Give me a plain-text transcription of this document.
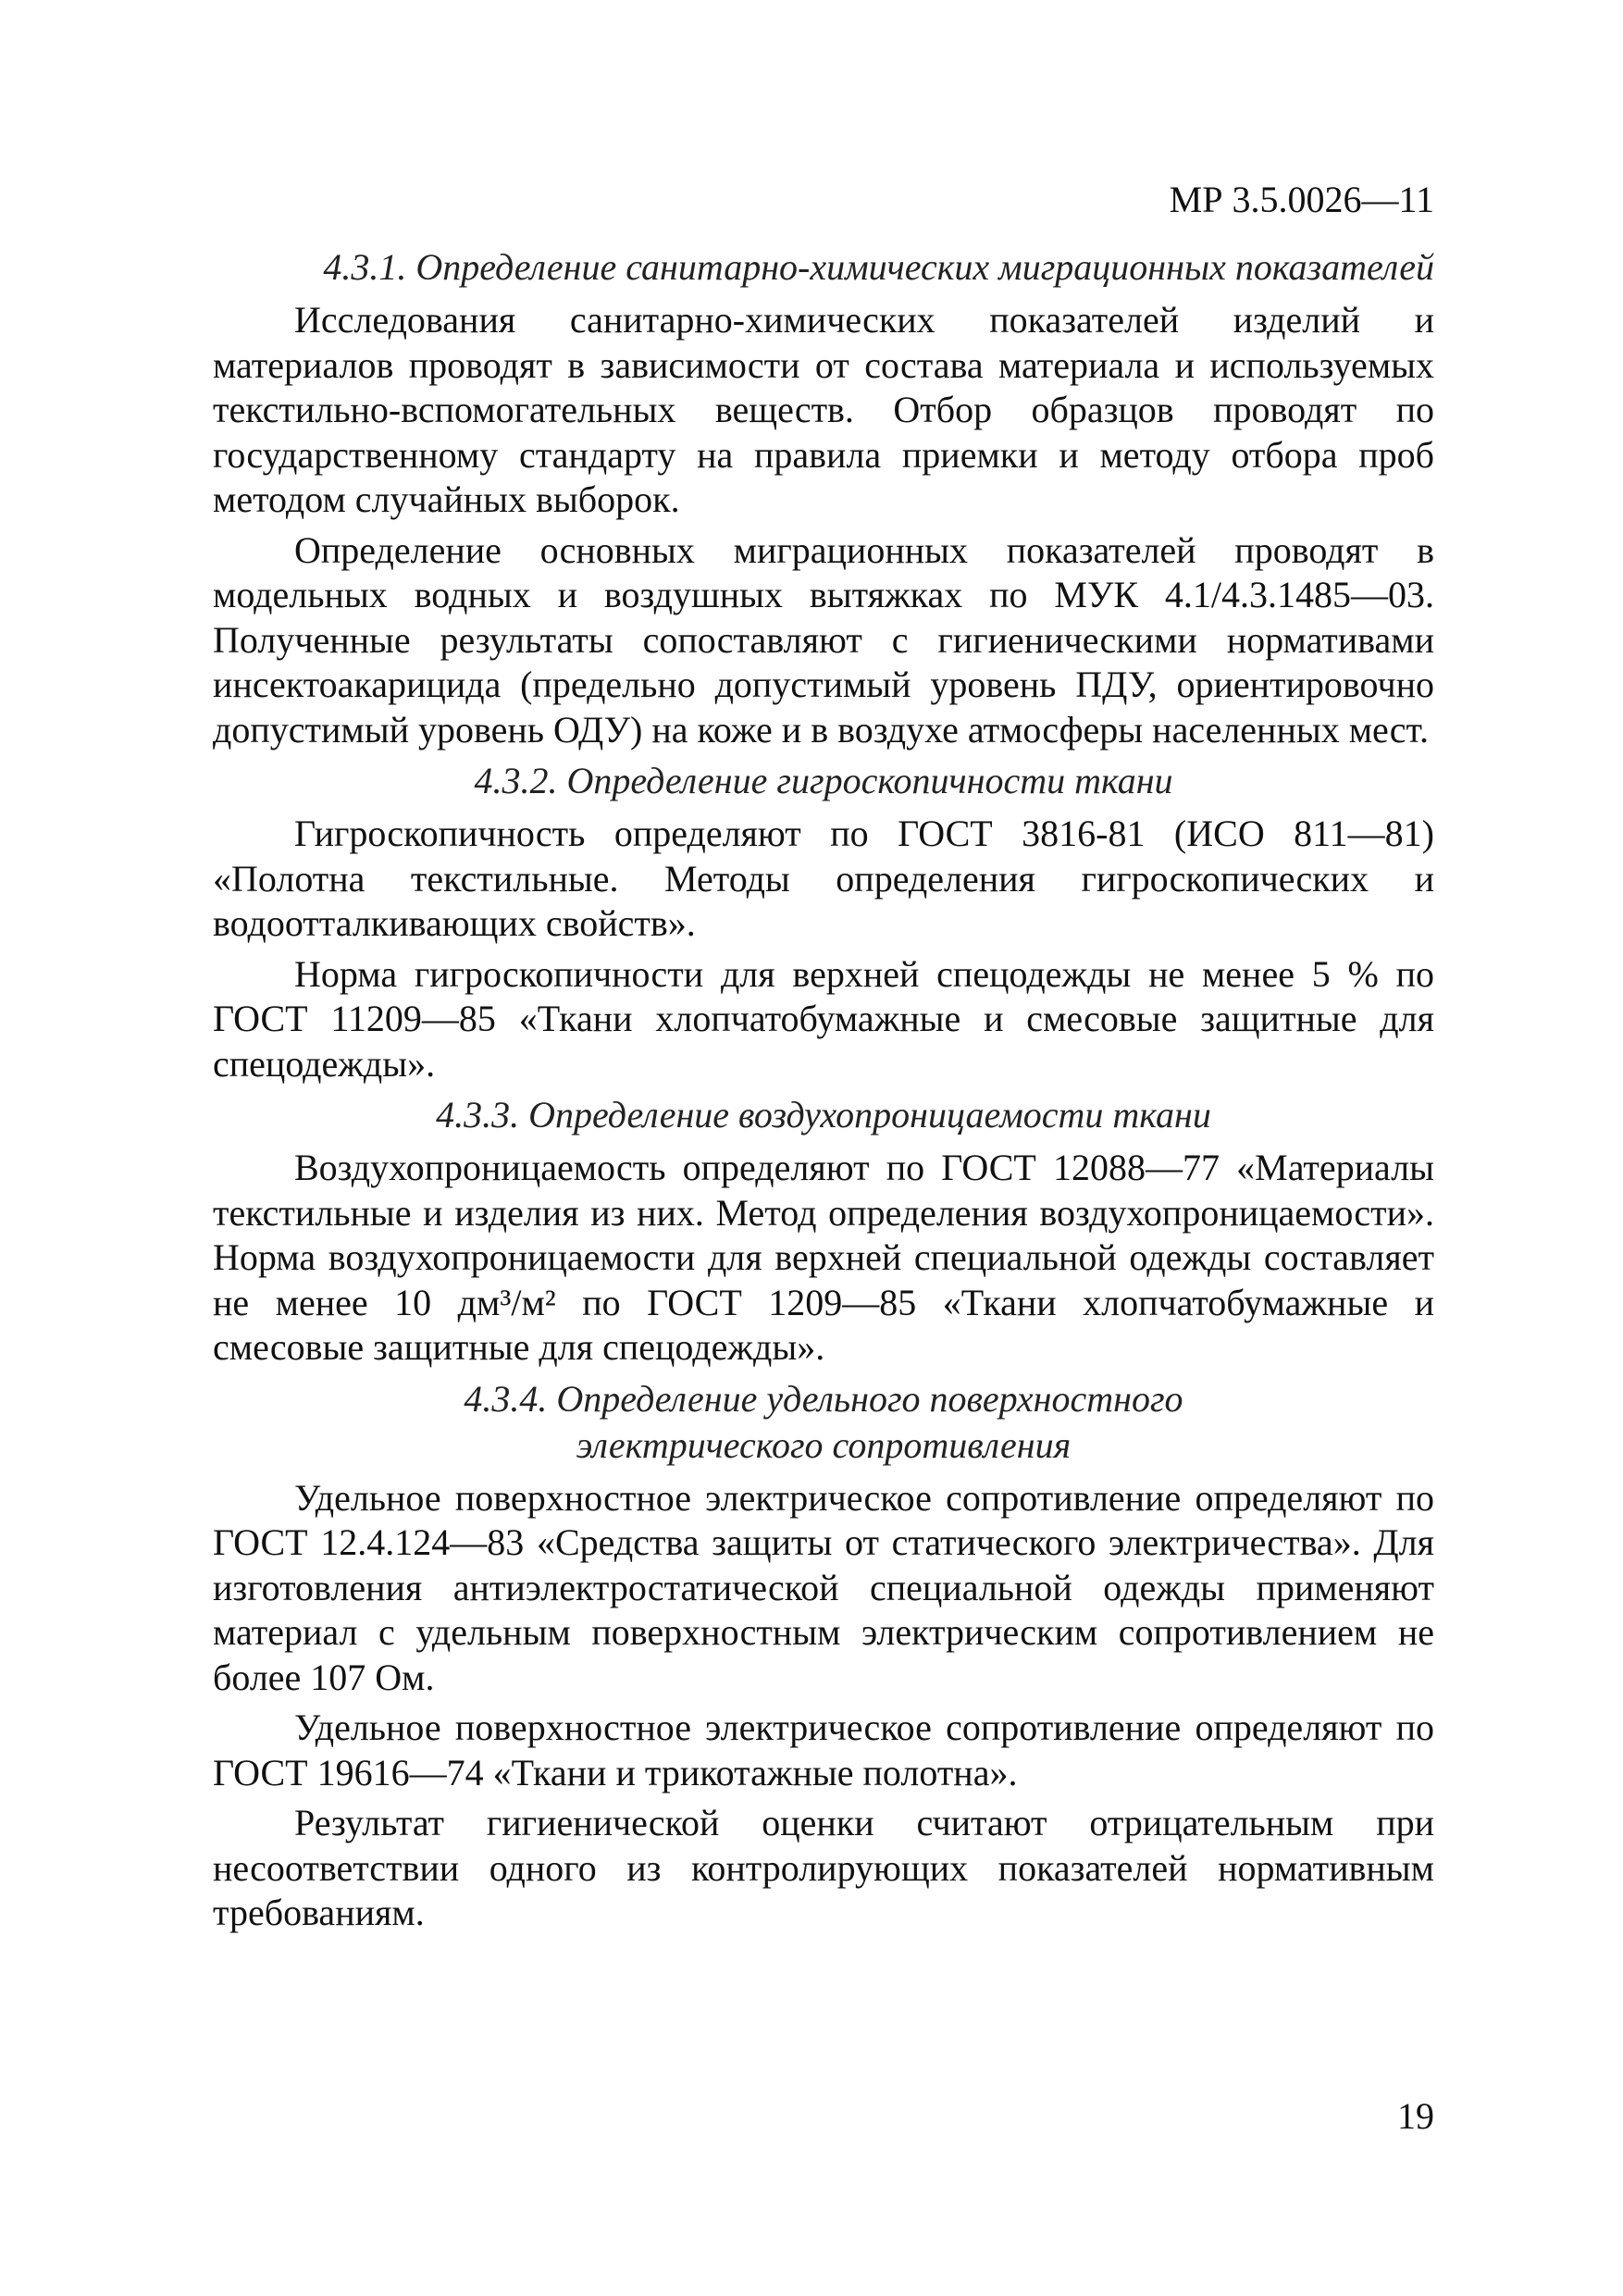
МР 3.5.0026—11
4.3.1. Определение санитарно-химических миграционных показателей

Исследования санитарно-химических показателей изделий и материалов проводят в зависимости от состава материала и используемых текстильно-вспомогательных веществ. Отбор образцов проводят по государственному стандарту на правила приемки и методу отбора проб методом случайных выборок.

Определение основных миграционных показателей проводят в модельных водных и воздушных вытяжках по МУК 4.1/4.3.1485—03. Полученные результаты сопоставляют с гигиеническими нормативами инсектоакарицида (предельно допустимый уровень ПДУ, ориентировочно допустимый уровень ОДУ) на коже и в воздухе атмосферы населенных мест.

4.3.2. Определение гигроскопичности ткани

Гигроскопичность определяют по ГОСТ 3816-81 (ИСО 811—81) «Полотна текстильные. Методы определения гигроскопических и водоотталкивающих свойств».

Норма гигроскопичности для верхней спецодежды не менее 5 % по ГОСТ 11209—85 «Ткани хлопчатобумажные и смесовые защитные для спецодежды».

4.3.3. Определение воздухопроницаемости ткани

Воздухопроницаемость определяют по ГОСТ 12088—77 «Материалы текстильные и изделия из них. Метод определения воздухопроницаемости». Норма воздухопроницаемости для верхней специальной одежды составляет не менее 10 дм³/м² по ГОСТ 1209—85 «Ткани хлопчатобумажные и смесовые защитные для спецодежды».

4.3.4. Определение удельного поверхностного электрического сопротивления

Удельное поверхностное электрическое сопротивление определяют по ГОСТ 12.4.124—83 «Средства защиты от статического электричества». Для изготовления антиэлектростатической специальной одежды применяют материал с удельным поверхностным электрическим сопротивлением не более 107 Ом.

Удельное поверхностное электрическое сопротивление определяют по ГОСТ 19616—74 «Ткани и трикотажные полотна».

Результат гигиенической оценки считают отрицательным при несоответствии одного из контролирующих показателей нормативным требованиям.

19
